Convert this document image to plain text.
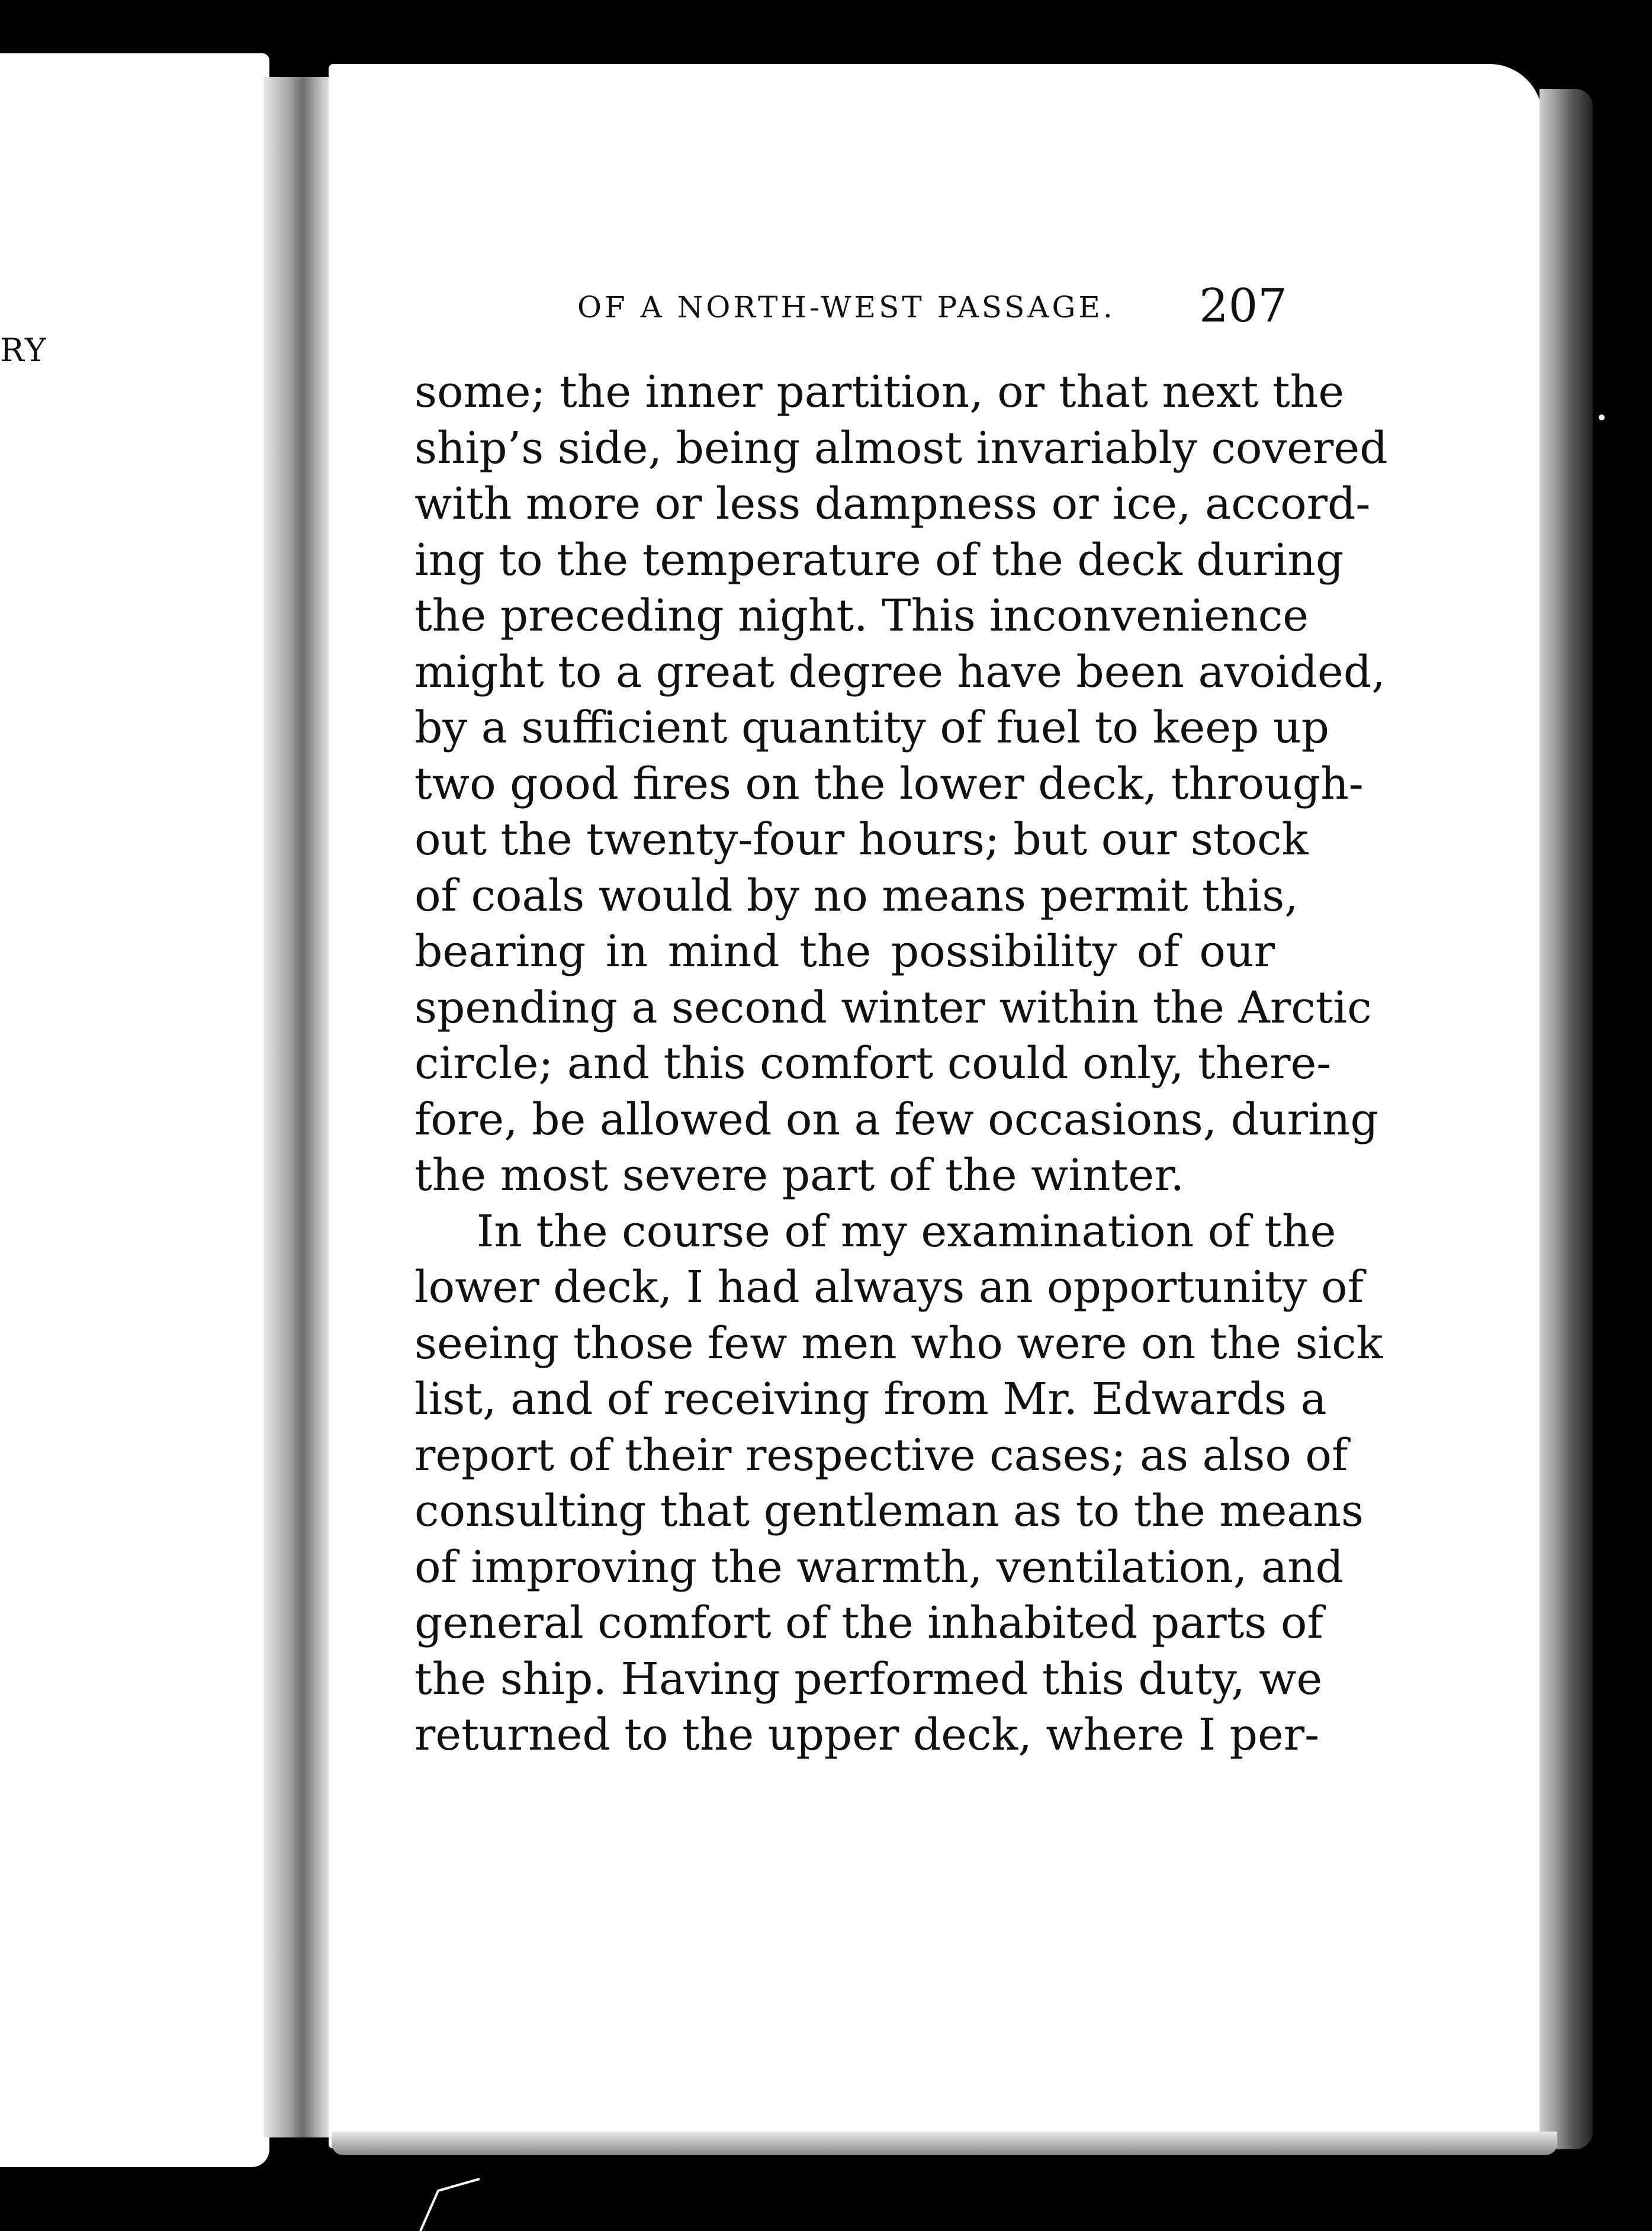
RY
OF A NORTH-WEST PASSAGE. 207
some; the inner partition, or that next the
ship’s side, being almost invariably covered
with more or less dampness or ice, accord-
ing to the temperature of the deck during
the preceding night. This inconvenience
might to a great degree have been avoided,
by a sufficient quantity of fuel to keep up
two good fires on the lower deck, through-
out the twenty-four hours; but our stock
of coals would by no means permit this,
bearing in mind the possibility of our
spending a second winter within the Arctic
circle; and this comfort could only, there-
fore, be allowed on a few occasions, during
the most severe part of the winter.
In the course of my examination of the
lower deck, I had always an opportunity of
seeing those few men who were on the sick
list, and of receiving from Mr. Edwards a
report of their respective cases; as also of
consulting that gentleman as to the means
of improving the warmth, ventilation, and
general comfort of the inhabited parts of
the ship. Having performed this duty, we
returned to the upper deck, where I per-
